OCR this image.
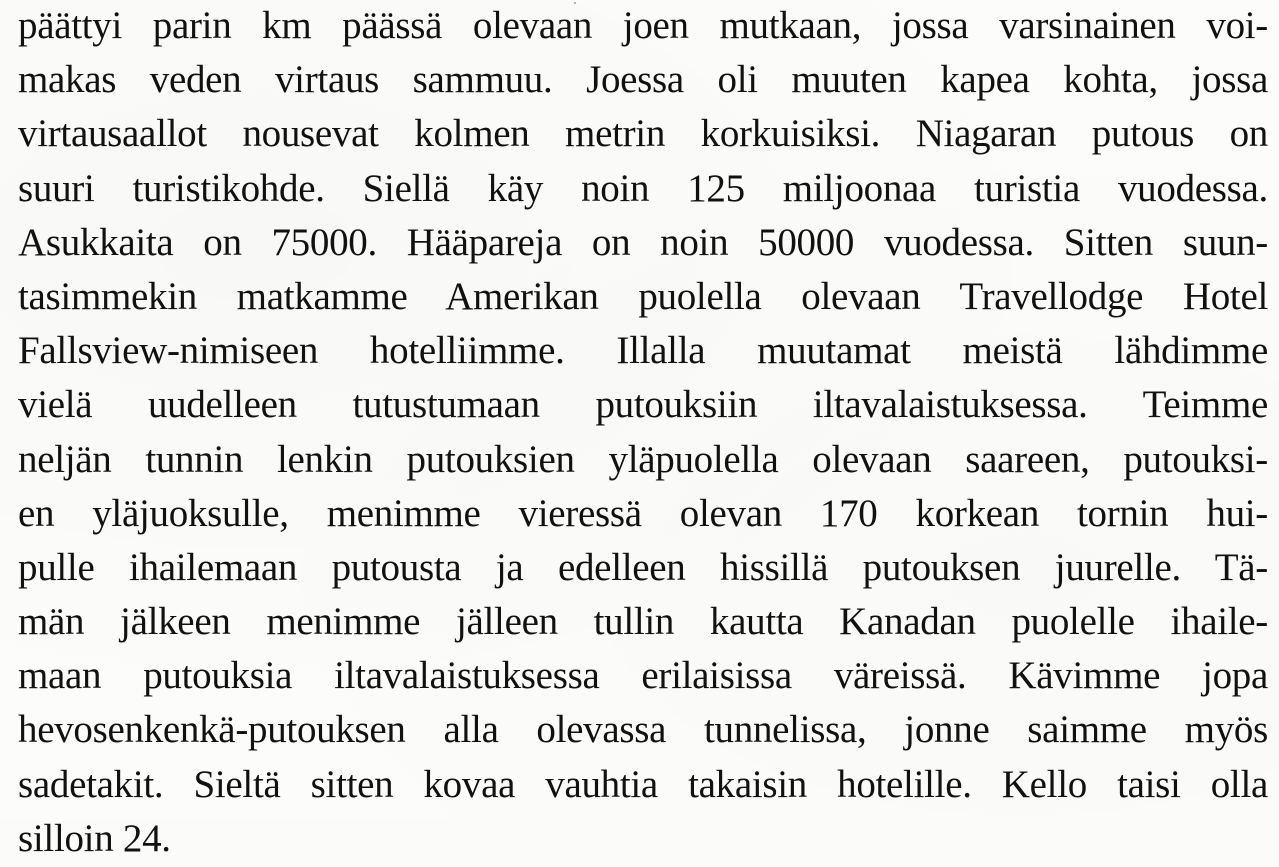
päättyi parin km päässä olevaan joen mutkaan, jossa varsinainen voi-
makas veden virtaus sammuu. Joessa oli muuten kapea kohta, jossa
virtausaallot nousevat kolmen metrin korkuisiksi. Niagaran putous on
suuri turistikohde. Siellä käy noin 125 miljoonaa turistia vuodessa.
Asukkaita on 75000. Hääpareja on noin 50000 vuodessa. Sitten suun-
tasimmekin matkamme Amerikan puolella olevaan Travellodge Hotel
Fallsview-nimiseen hotelliimme. Illalla muutamat meistä lähdimme
vielä uudelleen tutustumaan putouksiin iltavalaistuksessa. Teimme
neljän tunnin lenkin putouksien yläpuolella olevaan saareen, putouksi-
en yläjuoksulle, menimme vieressä olevan 170 korkean tornin hui-
pulle ihailemaan putousta ja edelleen hissillä putouksen juurelle. Tä-
män jälkeen menimme jälleen tullin kautta Kanadan puolelle ihaile-
maan putouksia iltavalaistuksessa erilaisissa väreissä. Kävimme jopa
hevosenkenkä-putouksen alla olevassa tunnelissa, jonne saimme myös
sadetakit. Sieltä sitten kovaa vauhtia takaisin hotelille. Kello taisi olla
silloin 24.
